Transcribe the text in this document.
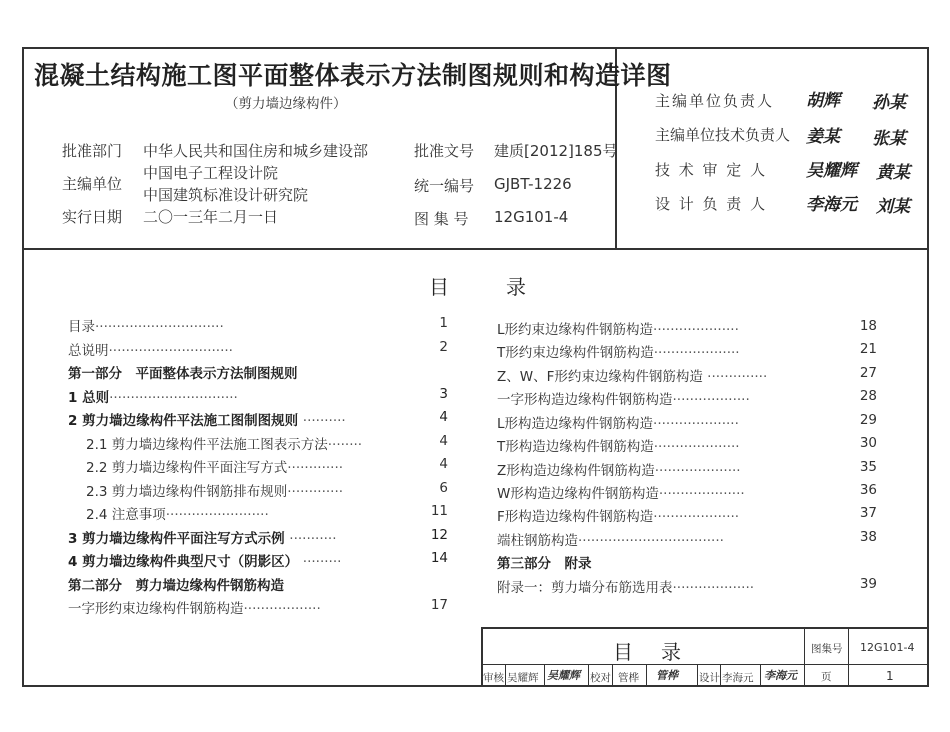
混凝土结构施工图平面整体表示方法制图规则和构造详图
（剪力墙边缘构件）
批准部门 中华人民共和国住房和城乡建设部
主编单位
中国电子工程设计院
中国建筑标准设计研究院
实行日期 二〇一三年二月一日
批准文号 建质[2012]185号
统一编号 GJBT-1226
图 集 号 12G101-4
主编单位负责人 胡辉 孙某
主编单位技术负责人 姜某 张某
技 术 审 定 人 吴耀辉 黄某
设 计 负 责 人 李海元 刘某
目	录
目录······························	1
总说明·····························	2
第一部分　平面整体表示方法制图规则
1 总则······························	3
2 剪力墙边缘构件平法施工图制图规则 ··········	4
2.1 剪力墙边缘构件平法施工图表示方法········	4
2.2 剪力墙边缘构件平面注写方式·············	4
2.3 剪力墙边缘构件钢筋排布规则·············	6
2.4 注意事项························	11
3 剪力墙边缘构件平面注写方式示例 ···········	12
4 剪力墙边缘构件典型尺寸（阴影区） ·········	14
第二部分　剪力墙边缘构件钢筋构造
一字形约束边缘构件钢筋构造··················	17
L形约束边缘构件钢筋构造····················	18
T形约束边缘构件钢筋构造····················	21
Z、W、F形约束边缘构件钢筋构造 ··············	27
一字形构造边缘构件钢筋构造··················	28
L形构造边缘构件钢筋构造····················	29
T形构造边缘构件钢筋构造····················	30
Z形构造边缘构件钢筋构造····················	35
W形构造边缘构件钢筋构造····················	36
F形构造边缘构件钢筋构造····················	37
端柱钢筋构造··································	38
第三部分　附录
附录一：剪力墙分布筋选用表···················	39
目录	图集号 12G101-4
页	1
审核 吴耀辉 吴耀辉 校对 管桦 管桦 设计 李海元 李海元
